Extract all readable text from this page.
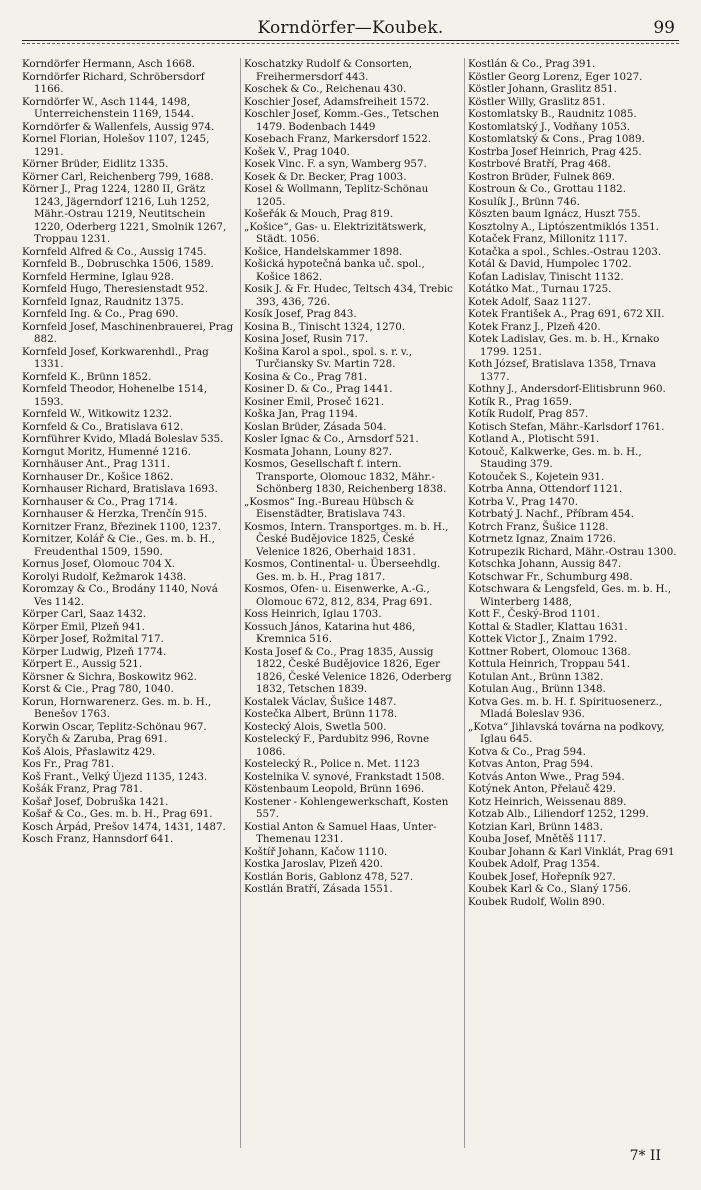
Korndörfer—Koubek.	99
Korndörfer Hermann, Asch 1668.
Korndörfer Richard, Schröbersdorf 1166.
Korndörfer W., Asch 1144, 1498, Unterreichenstein 1169, 1544.
Korndörfer & Wallenfels, Aussig 974.
Kornel Florian, Holešov 1107, 1245, 1291.
Körner Brüder, Eidlitz 1335.
Körner Carl, Reichenberg 799, 1688.
Körner J., Prag 1224, 1280 II, Grätz 1243, Jägerndorf 1216, Luh 1252, Mähr.-Ostrau 1219, Neutitschein 1220, Oderberg 1221, Smolnik 1267, Troppau 1231.
Kornfeld Alfred & Co., Aussig 1745.
Kornfeld B., Dobruschka 1506, 1589.
Kornfeld Hermine, Iglau 928.
Kornfeld Hugo, Theresienstadt 952.
Kornfeld Ignaz, Raudnitz 1375.
Kornfeld Ing. & Co., Prag 690.
Kornfeld Josef, Maschinenbrauerei, Prag 882.
Kornfeld Josef, Korkwarenhdl., Prag 1331.
Kornfeld K., Brünn 1852.
Kornfeld Theodor, Hohenelbe 1514, 1593.
Kornfeld W., Witkowitz 1232.
Kornfeld & Co., Bratislava 612.
Kornführer Kvido, Mladá Boleslav 535.
Korngut Moritz, Humenné 1216.
Kornhäuser Ant., Prag 1311.
Kornhauser Dr., Košice 1862.
Kornhauser Richard, Bratislava 1693.
Kornhauser & Co., Prag 1714.
Kornhauser & Herzka, Trenčín 915.
Kornitzer Franz, Březinek 1100, 1237.
Kornitzer, Kolář & Cie., Ges. m. b. H., Freudenthal 1509, 1590.
Kornus Josef, Olomouc 704 X.
Korolyi Rudolf, Kežmarok 1438.
Koromzay & Co., Brodány 1140, Nová Ves 1142.
Körper Carl, Saaz 1432.
Körper Emil, Plzeň 941.
Körper Josef, Rožmital 717.
Körper Ludwig, Plzeň 1774.
Körpert E., Aussig 521.
Körsner & Sichra, Boskowitz 962.
Korst & Cie., Prag 780, 1040.
Korun, Hornwarenerz. Ges. m. b. H., Benešov 1763.
Korwin Oscar, Teplitz-Schönau 967.
Koryčh & Zaruba, Prag 691.
Koš Alois, Přaslawitz 429.
Kos Fr., Prag 781.
Koš Frant., Velký Újezd 1135, 1243.
Košák Franz, Prag 781.
Košař Josef, Dobruška 1421.
Košař & Co., Ges. m. b. H., Prag 691.
Kosch Árpád, Prešov 1474, 1431, 1487.
Kosch Franz, Hannsdorf 641.
Koschatzky Rudolf & Consorten, Freihermersdorf 443.
Koschek & Co., Reichenau 430.
Koschier Josef, Adamsfreiheit 1572.
Koschler Josef, Komm.-Ges., Tetschen 1479. Bodenbach 1449
Kosebach Franz, Markersdorf 1522.
Košek V., Prag 1040.
Kosek Vinc. F. a syn, Wamberg 957.
Kosek & Dr. Becker, Prag 1003.
Kosel & Wollmann, Teplitz-Schönau 1205.
Košeřák & Mouch, Prag 819.
„Košice“, Gas- u. Elektrizitätswerk, Städt. 1056.
Košice, Handelskammer 1898.
Košická hypotečná banka uč. spol., Košice 1862.
Kosik J. & Fr. Hudec, Teltsch 434, Trebic 393, 436, 726.
Kosík Josef, Prag 843.
Kosina B., Tinischt 1324, 1270.
Kosina Josef, Rusin 717.
Košina Karol a spol., spol. s. r. v., Turčiansky Sv. Martin 728.
Kosina & Co., Prag 781.
Kosiner D. & Co., Prag 1441.
Kosiner Emil, Proseč 1621.
Koška Jan, Prag 1194.
Koslan Brüder, Zásada 504.
Kosler Ignac & Co., Arnsdorf 521.
Kosmata Johann, Louny 827.
Kosmos, Gesellschaft f. intern. Transporte, Olomouc 1832, Mähr.-Schönberg 1830, Reichenberg 1838.
„Kosmos“ Ing.-Bureau Hübsch & Eisenstädter, Bratislava 743.
Kosmos, Intern. Transportges. m. b. H., České Budějovice 1825, České Velenice 1826, Oberhaid 1831.
Kosmos, Continental- u. Überseehdlg. Ges. m. b. H., Prag 1817.
Kosmos, Ofen- u. Eisenwerke, A.-G., Olomouc 672, 812, 834, Prag 691.
Koss Heinrich, Iglau 1703.
Kossuch János, Katarina hut 486, Kremnica 516.
Kosta Josef & Co., Prag 1835, Aussig 1822, České Budějovice 1826, Eger 1826, České Velenice 1826, Oderberg 1832, Tetschen 1839.
Kostalek Václav, Šušice 1487.
Kostečka Albert, Brünn 1178.
Kostecký Alois, Swetla 500.
Kostelecký F., Pardubitz 996, Rovne 1086.
Kostelecký R., Police n. Met. 1123
Kostelnika V. synové, Frankstadt 1508.
Köstenbaum Leopold, Brünn 1696.
Kostener - Kohlengewerkschaft, Kosten 557.
Kostial Anton & Samuel Haas, Unter-Themenau 1231.
Koštíř Johann, Kačow 1110.
Kostka Jaroslav, Plzeň 420.
Kostlán Boris, Gablonz 478, 527.
Kostlán Bratří, Zásada 1551.
Kostlán & Co., Prag 391.
Köstler Georg Lorenz, Eger 1027.
Köstler Johann, Graslitz 851.
Köstler Willy, Graslitz 851.
Kostomlatsky B., Raudnitz 1085.
Kostomlatský J., Vodňany 1053.
Kostomlatský & Cons., Prag 1089.
Kostrba Josef Heinrich, Prag 425.
Kostrbové Bratří, Prag 468.
Kostron Brüder, Fulnek 869.
Kostroun & Co., Grottau 1182.
Kosulík J., Brünn 746.
Köszten baum Ignácz, Huszt 755.
Kosztolny A., Liptószentmiklós 1351.
Kotaček Franz, Millonitz 1117.
Kotačka a spol., Schles.-Ostrau 1203.
Kotál & David, Humpolec 1702.
Koťan Ladislav, Tinischt 1132.
Kotátko Mat., Turnau 1725.
Kotek Adolf, Saaz 1127.
Kotek František A., Prag 691, 672 XII.
Kotek Franz J., Plzeň 420.
Kotek Ladislav, Ges. m. b. H., Krnako 1799. 1251.
Koth József, Bratislava 1358, Trnava 1377.
Kothny J., Andersdorf-Elitisbrunn 960.
Kotík R., Prag 1659.
Kotík Rudolf, Prag 857.
Kotisch Stefan, Mähr.-Karlsdorf 1761.
Kotland A., Plotischt 591.
Kotouč, Kalkwerke, Ges. m. b. H., Stauding 379.
Kotouček S., Kojetein 931.
Kotrba Anna, Ottendorf 1121.
Kotrba V., Prag 1470.
Kotrbatý J. Nachf., Příbram 454.
Kotrch Franz, Šušice 1128.
Kotrnetz Ignaz, Znaim 1726.
Kotrupezik Richard, Mähr.-Ostrau 1300.
Kotschka Johann, Aussig 847.
Kotschwar Fr., Schumburg 498.
Kotschwara & Lengsfeld, Ges. m. b. H., Winterberg 1488,
Kott F., Český-Brod 1101.
Kottal & Stadler, Klattau 1631.
Kottek Victor J., Znaim 1792.
Kottner Robert, Olomouc 1368.
Kottula Heinrich, Troppau 541.
Kotulan Ant., Brünn 1382.
Kotulan Aug., Brünn 1348.
Kotva Ges. m. b. H. f. Spirituosenerz., Mladá Boleslav 936.
„Kotva“ Jihlavská továrna na podkovy, Iglau 645.
Kotva & Co., Prag 594.
Kotvas Anton, Prag 594.
Kotvás Anton Wwe., Prag 594.
Kotýnek Anton, Přelauč 429.
Kotz Heinrich, Weissenau 889.
Kotzab Alb., Liliendorf 1252, 1299.
Kotzian Karl, Brünn 1483.
Kouba Josef, Mnětěš 1117.
Koubar Johann & Karl Vinklát, Prag 691
Koubek Adolf, Prag 1354.
Koubek Josef, Hořepník 927.
Koubek Karl & Co., Slaný 1756.
Koubek Rudolf, Wolin 890.
7* II
